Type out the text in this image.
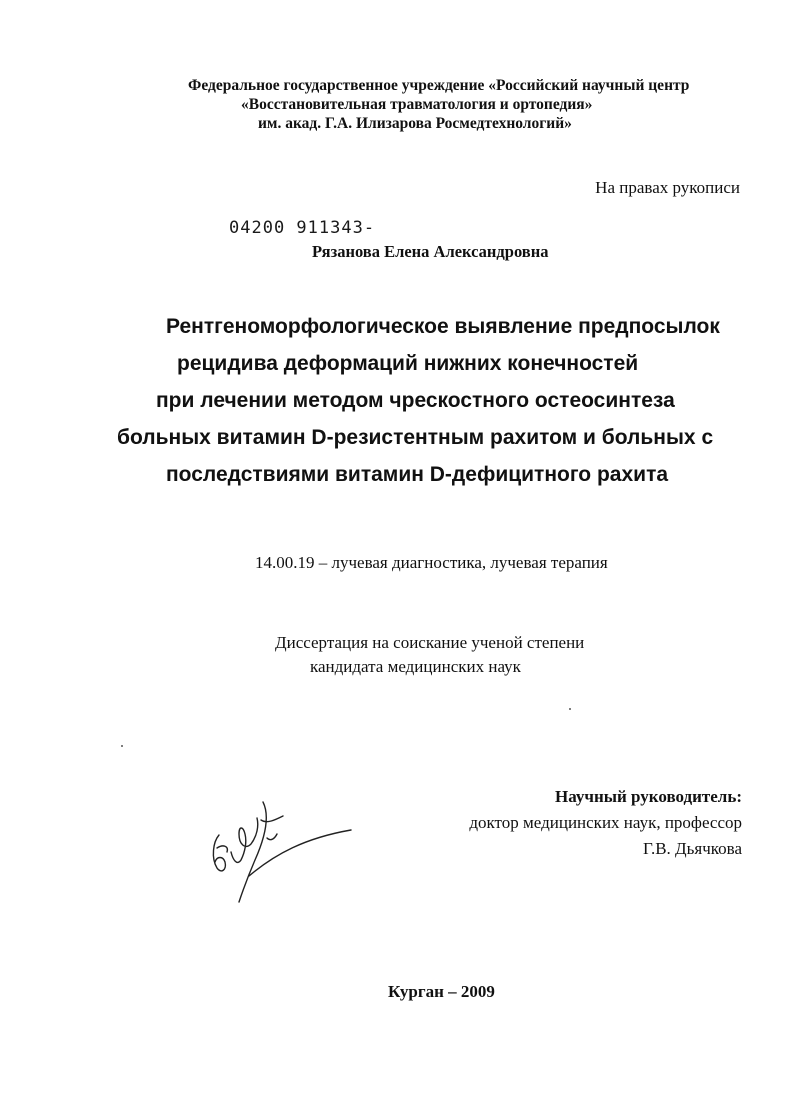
Федеральное государственное учреждение «Российский научный центр
«Восстановительная травматология и ортопедия»
им. акад. Г.А. Илизарова Росмедтехнологий»
На правах рукописи
04200 911343-
Рязанова Елена Александровна
Рентгеноморфологическое выявление предпосылок
рецидива деформаций нижних конечностей
при лечении методом чрескостного остеосинтеза
больных витамин D-резистентным рахитом и больных с
последствиями витамин D-дефицитного рахита
14.00.19 – лучевая диагностика, лучевая терапия
Диссертация на соискание ученой степени
кандидата медицинских наук
Научный руководитель:
доктор медицинских наук, профессор
Г.В. Дьячкова
Курган – 2009
